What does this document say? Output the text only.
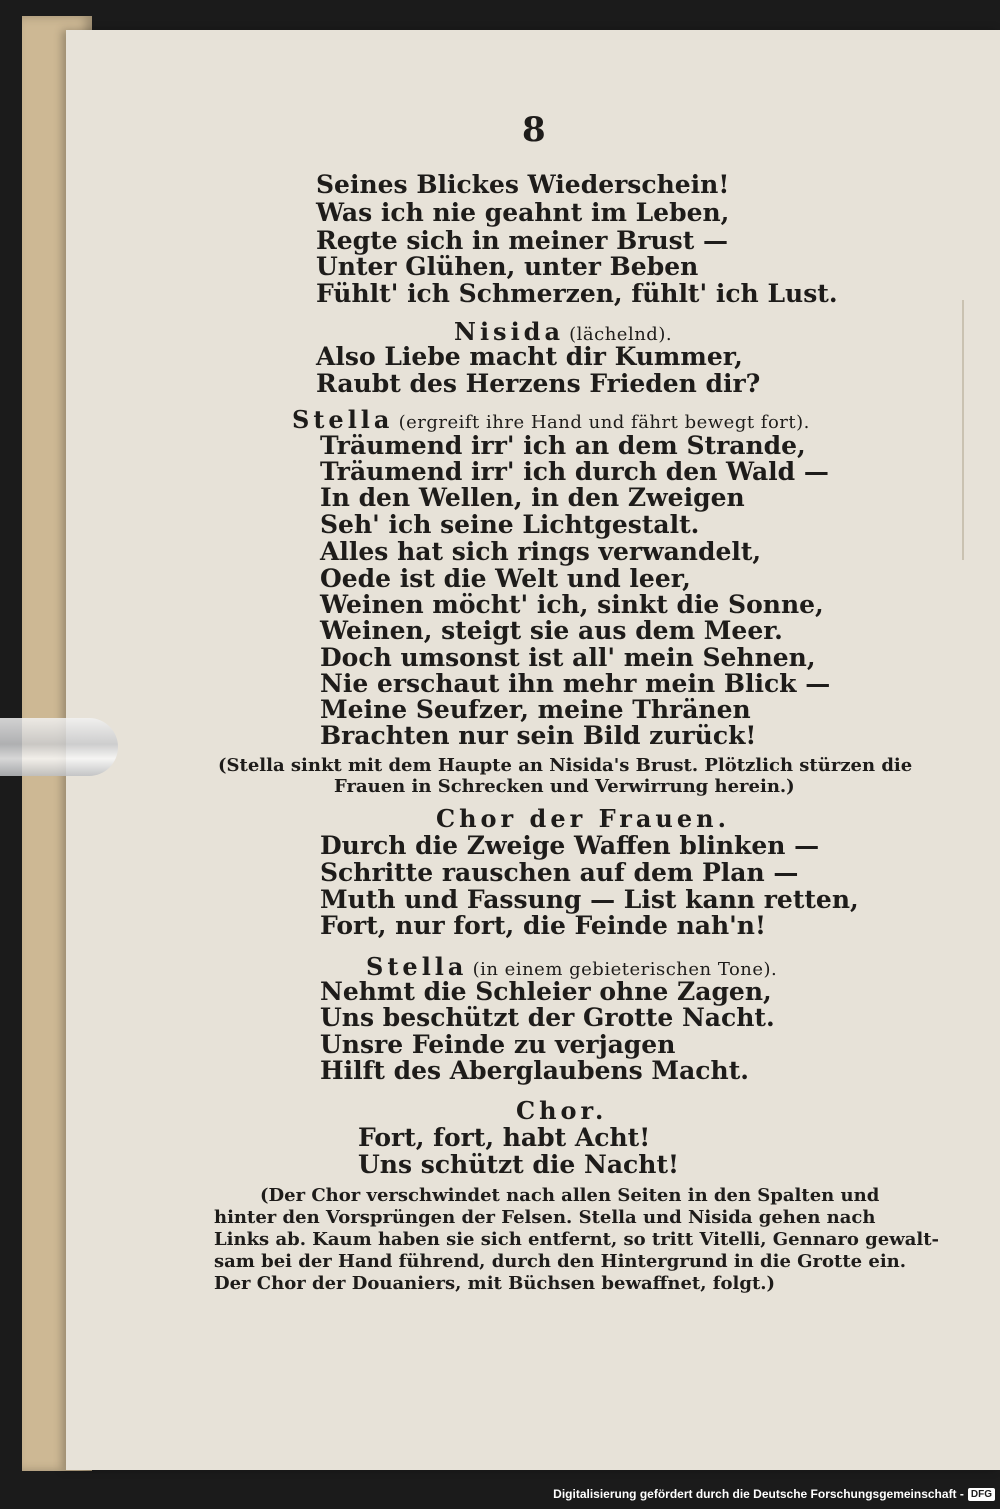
8
Seines Blickes Wiederschein!
Was ich nie geahnt im Leben,
Regte sich in meiner Brust —
Unter Glühen, unter Beben
Fühlt' ich Schmerzen, fühlt' ich Lust.
Nisida (lächelnd).
Also Liebe macht dir Kummer,
Raubt des Herzens Frieden dir?
Stella (ergreift ihre Hand und fährt bewegt fort).
Träumend irr' ich an dem Strande,
Träumend irr' ich durch den Wald —
In den Wellen, in den Zweigen
Seh' ich seine Lichtgestalt.
Alles hat sich rings verwandelt,
Oede ist die Welt und leer,
Weinen möcht' ich, sinkt die Sonne,
Weinen, steigt sie aus dem Meer.
Doch umsonst ist all' mein Sehnen,
Nie erschaut ihn mehr mein Blick —
Meine Seufzer, meine Thränen
Brachten nur sein Bild zurück!
(Stella sinkt mit dem Haupte an Nisida's Brust. Plötzlich stürzen die
Frauen in Schrecken und Verwirrung herein.)
Chor der Frauen.
Durch die Zweige Waffen blinken —
Schritte rauschen auf dem Plan —
Muth und Fassung — List kann retten,
Fort, nur fort, die Feinde nah'n!
Stella (in einem gebieterischen Tone).
Nehmt die Schleier ohne Zagen,
Uns beschützt der Grotte Nacht.
Unsre Feinde zu verjagen
Hilft des Aberglaubens Macht.
Chor.
Fort, fort, habt Acht!
Uns schützt die Nacht!
(Der Chor verschwindet nach allen Seiten in den Spalten und
hinter den Vorsprüngen der Felsen. Stella und Nisida gehen nach
Links ab. Kaum haben sie sich entfernt, so tritt Vitelli, Gennaro gewalt-
sam bei der Hand führend, durch den Hintergrund in die Grotte ein.
Der Chor der Douaniers, mit Büchsen bewaffnet, folgt.)
Digitalisierung gefördert durch die Deutsche Forschungsgemeinschaft - DFG
